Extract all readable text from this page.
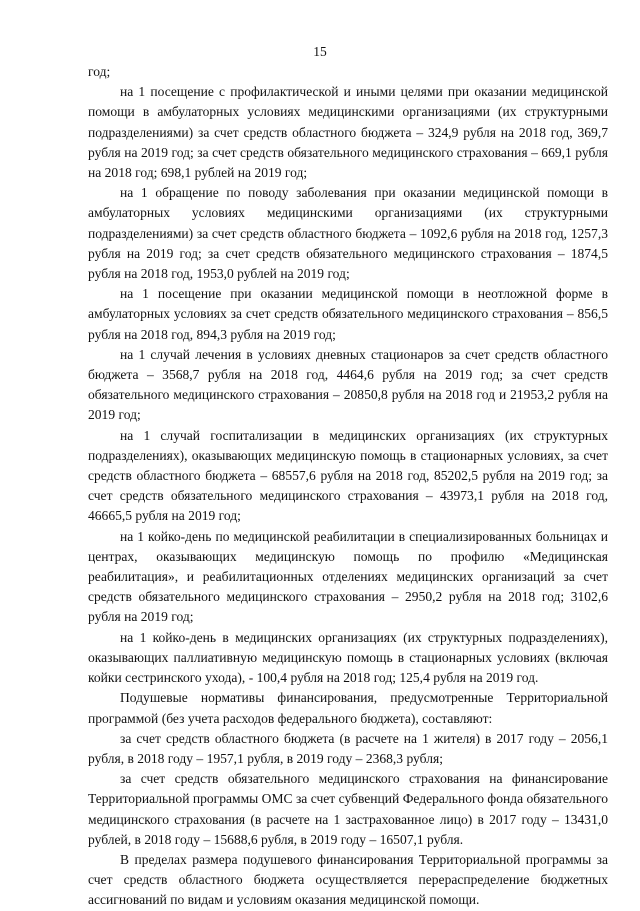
15

год;

на 1 посещение с профилактической и иными целями при оказании медицинской помощи в амбулаторных условиях медицинскими организациями (их структурными подразделениями) за счет средств областного бюджета – 324,9 рубля на 2018 год, 369,7 рубля на 2019 год; за счет средств обязательного медицинского страхования – 669,1 рубля на 2018 год; 698,1 рублей на 2019 год;

на 1 обращение по поводу заболевания при оказании медицинской помощи в амбулаторных условиях медицинскими организациями (их структурными подразделениями) за счет средств областного бюджета – 1092,6 рубля на 2018 год, 1257,3 рубля на 2019 год; за счет средств обязательного медицинского страхования – 1874,5 рубля на 2018 год, 1953,0 рублей на 2019 год;

на 1 посещение при оказании медицинской помощи в неотложной форме в амбулаторных условиях за счет средств обязательного медицинского страхования – 856,5 рубля на 2018 год, 894,3 рубля на 2019 год;

на 1 случай лечения в условиях дневных стационаров за счет средств областного бюджета – 3568,7 рубля на 2018 год, 4464,6 рубля на 2019 год; за счет средств обязательного медицинского страхования – 20850,8 рубля на 2018 год и 21953,2 рубля на 2019 год;

на 1 случай госпитализации в медицинских организациях (их структурных подразделениях), оказывающих медицинскую помощь в стационарных условиях, за счет средств областного бюджета – 68557,6 рубля на 2018 год, 85202,5 рубля на 2019 год; за счет средств обязательного медицинского страхования – 43973,1 рубля на 2018 год, 46665,5 рубля на 2019 год;

на 1 койко-день по медицинской реабилитации в специализированных больницах и центрах, оказывающих медицинскую помощь по профилю «Медицинская реабилитация», и реабилитационных отделениях медицинских организаций за счет средств обязательного медицинского страхования – 2950,2 рубля на 2018 год; 3102,6 рубля на 2019 год;

на 1 койко-день в медицинских организациях (их структурных подразделениях), оказывающих паллиативную медицинскую помощь в стационарных условиях (включая койки сестринского ухода), - 100,4 рубля на 2018 год; 125,4 рубля на 2019 год.

Подушевые нормативы финансирования, предусмотренные Территориальной программой (без учета расходов федерального бюджета), составляют:

за счет средств областного бюджета (в расчете на 1 жителя) в 2017 году – 2056,1 рубля, в 2018 году – 1957,1 рубля, в 2019 году – 2368,3 рубля;

за счет средств обязательного медицинского страхования на финансирование Территориальной программы ОМС за счет субвенций Федерального фонда обязательного медицинского страхования (в расчете на 1 застрахованное лицо) в 2017 году – 13431,0 рублей, в 2018 году – 15688,6 рубля, в 2019 году – 16507,1 рубля.

В пределах размера подушевого финансирования Территориальной программы за счет средств областного бюджета осуществляется перераспределение бюджетных ассигнований по видам и условиям оказания медицинской помощи.
